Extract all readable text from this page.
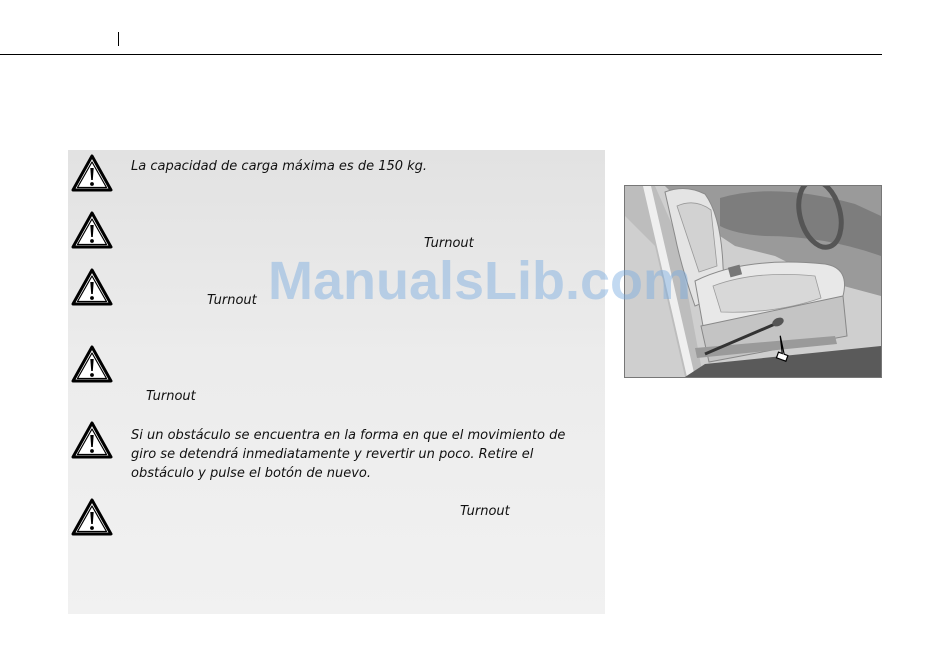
La capacidad de carga máxima es de 150 kg.

Turnout
Turnout
Turnout

Si un obstáculo se encuentra en la forma en que el movimiento de giro se detendrá inmediatamente y revertir un poco. Retire el obstáculo y pulse el botón de nuevo.

Turnout
ManualsLib.com
